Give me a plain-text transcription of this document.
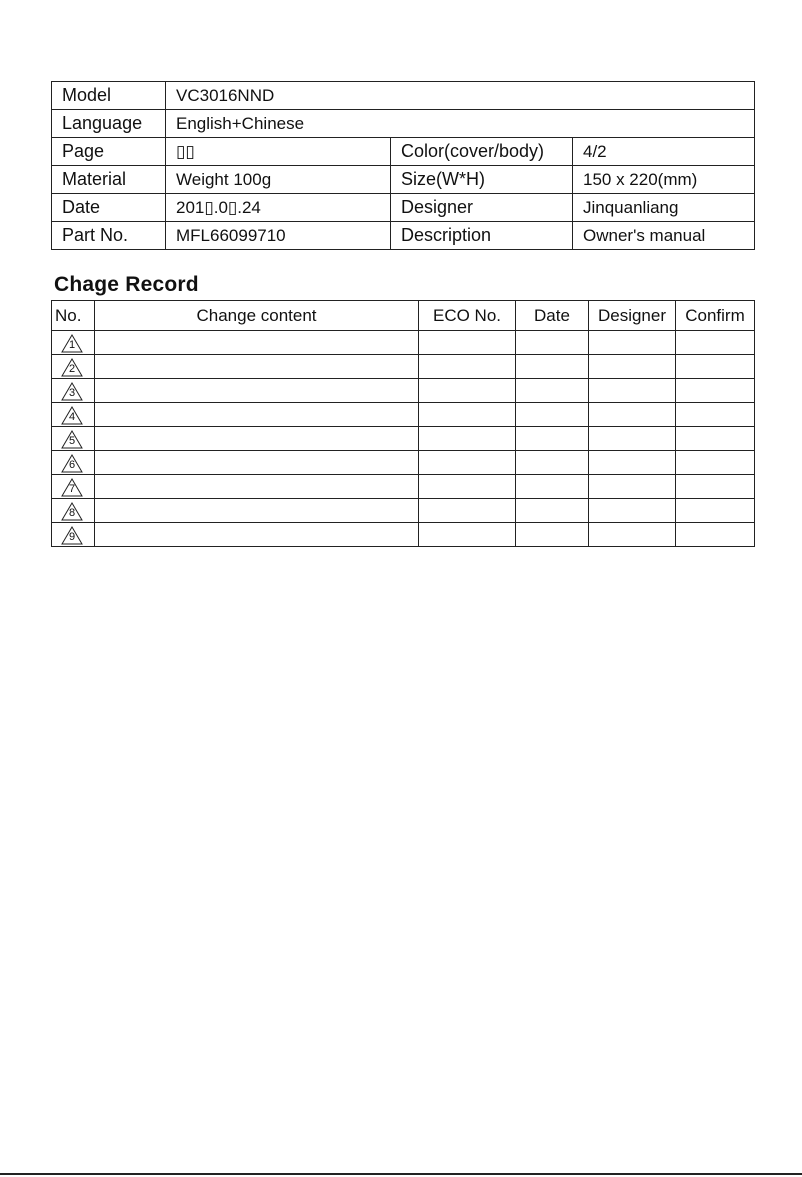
Model	VC3016NND		
Language	English+Chinese		
Page	▯▯	Color(cover/body)	4/2
Material	Weight 100g	Size(W*H)	150 x 220(mm)
Date	201▯.0▯.24	Designer	Jinquanliang
Part No.	MFL66099710	Description	Owner's manual
Chage Record
No.	Change content	ECO No.	Date	Designer	Confirm

1					

2					

3					

4					

5					

6					

7					

8					

9					
